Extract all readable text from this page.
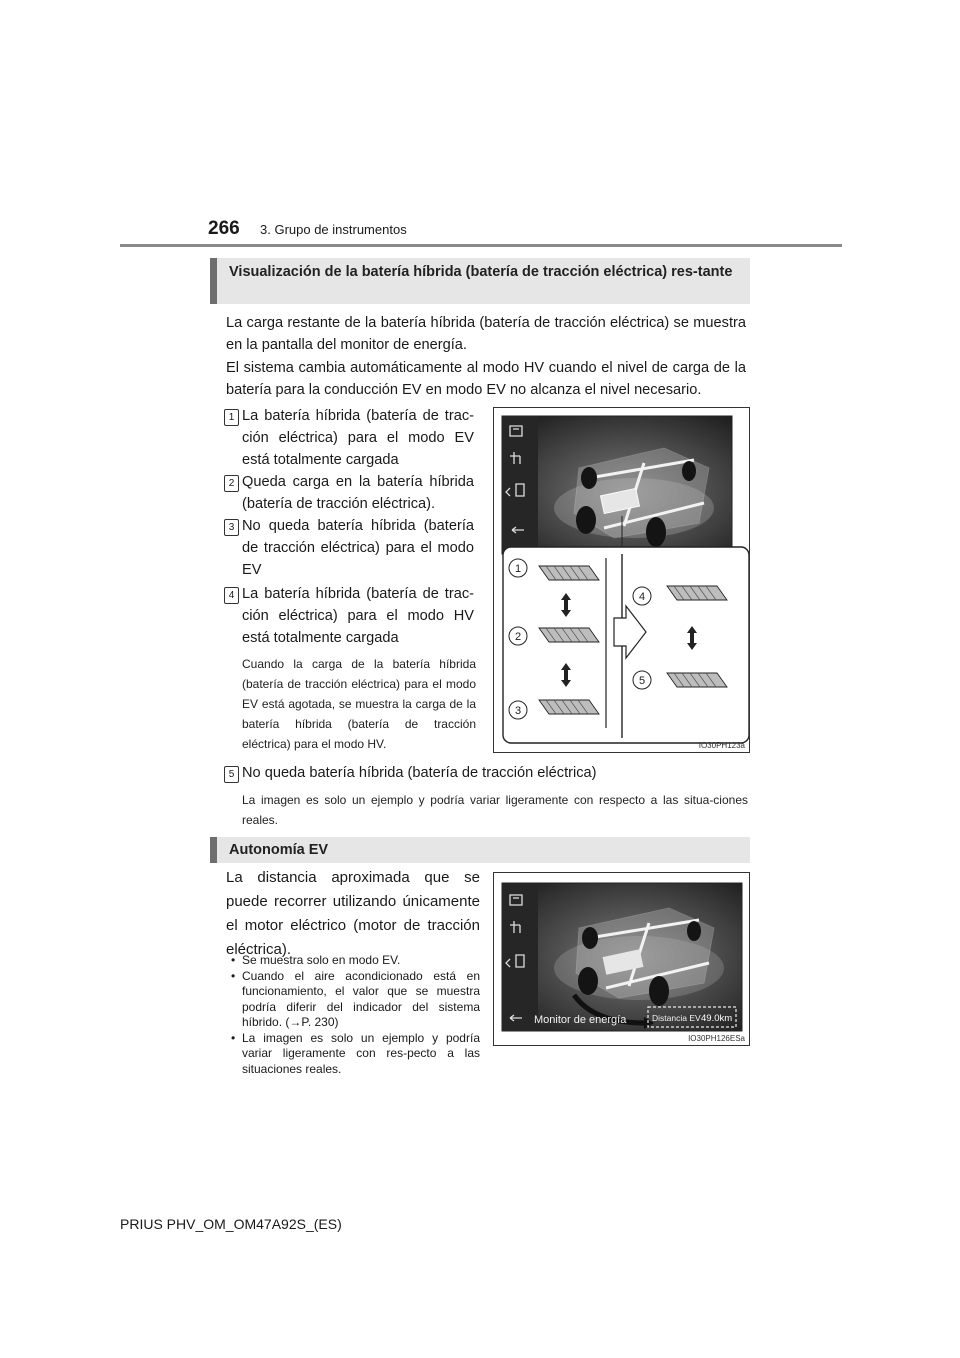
266 3. Grupo de instrumentos
Visualización de la batería híbrida (batería de tracción eléctrica) res-tante
La carga restante de la batería híbrida (batería de tracción eléctrica) se muestra en la pantalla del monitor de energía.
El sistema cambia automáticamente al modo HV cuando el nivel de carga de la batería para la conducción EV en modo EV no alcanza el nivel necesario.
1 La batería híbrida (batería de trac-ción eléctrica) para el modo EV está totalmente cargada
2 Queda carga en la batería híbrida (batería de tracción eléctrica).
3 No queda batería híbrida (batería de tracción eléctrica) para el modo EV
4 La batería híbrida (batería de trac-ción eléctrica) para el modo HV está totalmente cargada
Cuando la carga de la batería híbrida (batería de tracción eléctrica) para el modo EV está agotada, se muestra la carga de la batería híbrida (batería de tracción eléctrica) para el modo HV.
1
2
3
4
5
IO30PH123a
5 No queda batería híbrida (batería de tracción eléctrica)
La imagen es solo un ejemplo y podría variar ligeramente con respecto a las situa-ciones reales.
Autonomía EV
La distancia aproximada que se puede recorrer utilizando únicamente el motor eléctrico (motor de tracción eléctrica).
• Se muestra solo en modo EV.
• Cuando el aire acondicionado está en funcionamiento, el valor que se muestra podría diferir del indicador del sistema híbrido. (→P. 230)
• La imagen es solo un ejemplo y podría variar ligeramente con res-pecto a las situaciones reales.
Monitor de energía	Distancia EV 49.0km
IO30PH126ESa
PRIUS PHV_OM_OM47A92S_(ES)
